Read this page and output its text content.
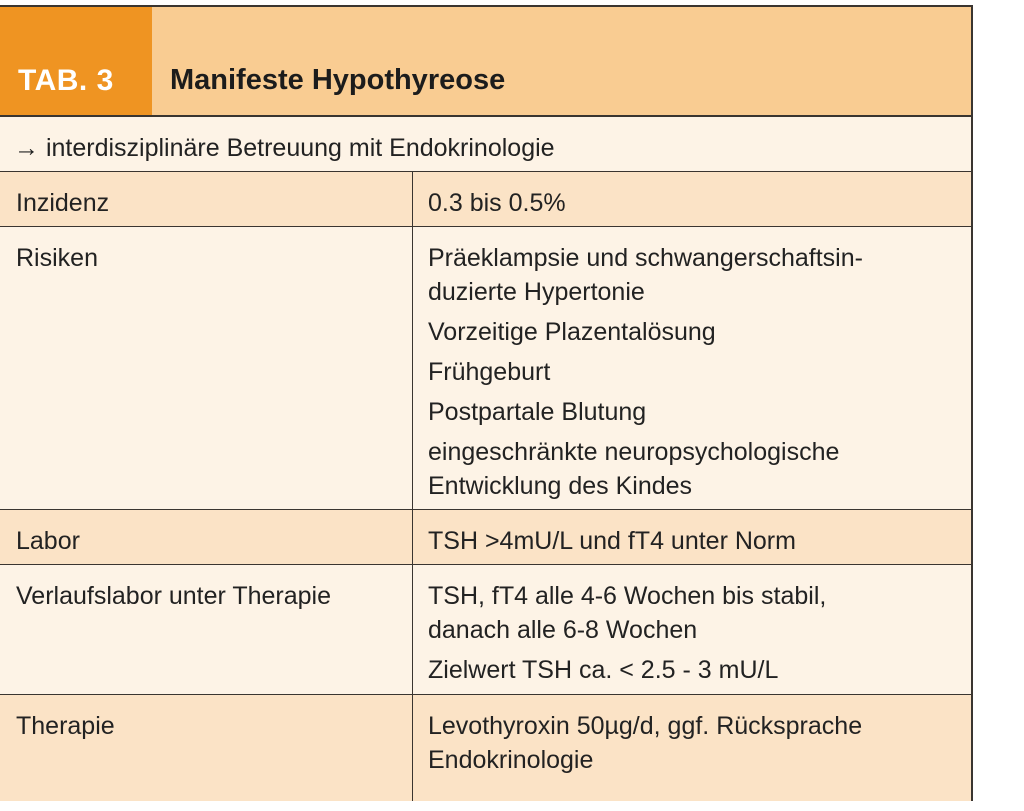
TAB. 3	Manifeste Hypothyreose
→ interdisziplinäre Betreuung mit Endokrinologie
Inzidenz	0.3 bis 0.5%
Risiken	Präeklampsie und schwangerschaftsin-
duzierte Hypertonie
Vorzeitige Plazentalösung
Frühgeburt
Postpartale Blutung
eingeschränkte neuropsychologische
Entwicklung des Kindes
Labor	TSH >4mU/L und fT4 unter Norm
Verlaufslabor unter Therapie	TSH, fT4 alle 4-6 Wochen bis stabil,
danach alle 6-8 Wochen
Zielwert TSH ca. < 2.5 - 3 mU/L
Therapie	Levothyroxin 50µg/d, ggf. Rücksprache
Endokrinologie
